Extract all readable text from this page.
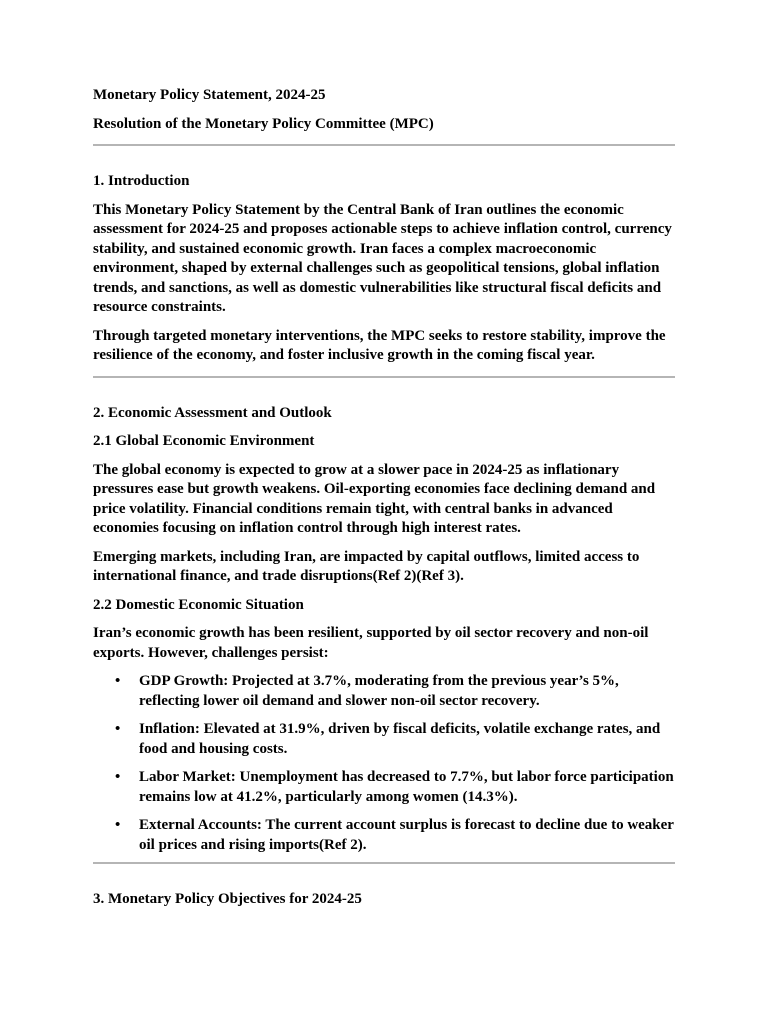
Monetary Policy Statement, 2024-25

Resolution of the Monetary Policy Committee (MPC)

1. Introduction

This Monetary Policy Statement by the Central Bank of Iran outlines the economic assessment for 2024-25 and proposes actionable steps to achieve inflation control, currency stability, and sustained economic growth. Iran faces a complex macroeconomic environment, shaped by external challenges such as geopolitical tensions, global inflation trends, and sanctions, as well as domestic vulnerabilities like structural fiscal deficits and resource constraints.

Through targeted monetary interventions, the MPC seeks to restore stability, improve the resilience of the economy, and foster inclusive growth in the coming fiscal year.

2. Economic Assessment and Outlook

2.1 Global Economic Environment

The global economy is expected to grow at a slower pace in 2024-25 as inflationary pressures ease but growth weakens. Oil-exporting economies face declining demand and price volatility. Financial conditions remain tight, with central banks in advanced economies focusing on inflation control through high interest rates.

Emerging markets, including Iran, are impacted by capital outflows, limited access to international finance, and trade disruptions(Ref 2)(Ref 3).

2.2 Domestic Economic Situation

Iran’s economic growth has been resilient, supported by oil sector recovery and non-oil exports. However, challenges persist:

• GDP Growth: Projected at 3.7%, moderating from the previous year’s 5%, reflecting lower oil demand and slower non-oil sector recovery.
• Inflation: Elevated at 31.9%, driven by fiscal deficits, volatile exchange rates, and food and housing costs.
• Labor Market: Unemployment has decreased to 7.7%, but labor force participation remains low at 41.2%, particularly among women (14.3%).
• External Accounts: The current account surplus is forecast to decline due to weaker oil prices and rising imports(Ref 2).

3. Monetary Policy Objectives for 2024-25
